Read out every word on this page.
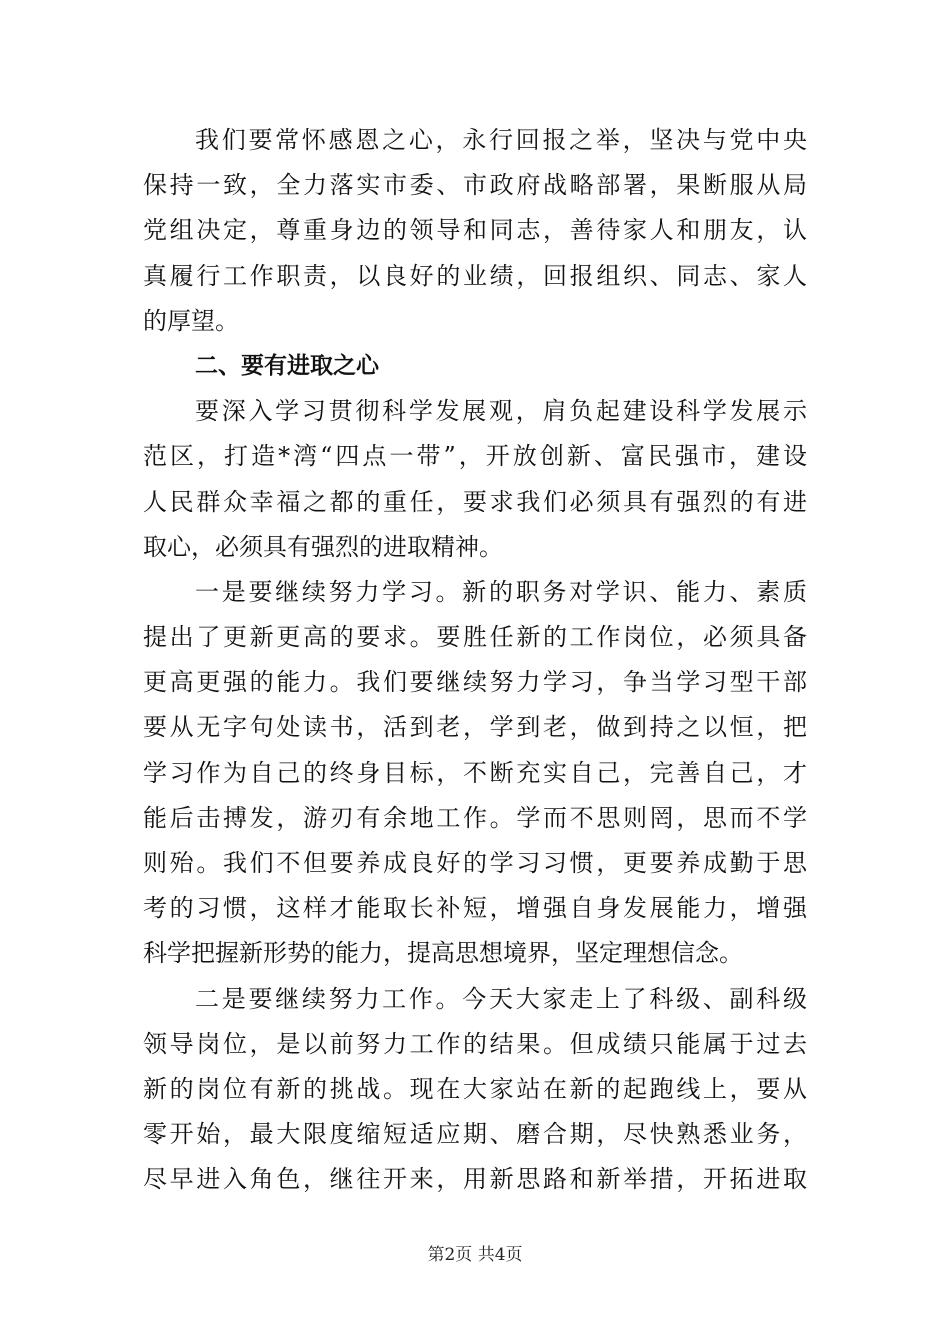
我们要常怀感恩之心，永行回报之举，坚决与党中央
保持一致，全力落实市委、市政府战略部署，果断服从局
党组决定，尊重身边的领导和同志，善待家人和朋友，认
真履行工作职责，以良好的业绩，回报组织、同志、家人
的厚望。
二、要有进取之心
要深入学习贯彻科学发展观，肩负起建设科学发展示
范区，打造*湾“四点一带”，开放创新、富民强市，建设
人民群众幸福之都的重任，要求我们必须具有强烈的有进
取心，必须具有强烈的进取精神。
一是要继续努力学习。新的职务对学识、能力、素质
提出了更新更高的要求。要胜任新的工作岗位，必须具备
更高更强的能力。我们要继续努力学习，争当学习型干部
要从无字句处读书，活到老，学到老，做到持之以恒，把
学习作为自己的终身目标，不断充实自己，完善自己，才
能后击搏发，游刃有余地工作。学而不思则罔，思而不学
则殆。我们不但要养成良好的学习习惯，更要养成勤于思
考的习惯，这样才能取长补短，增强自身发展能力，增强
科学把握新形势的能力，提高思想境界，坚定理想信念。
二是要继续努力工作。今天大家走上了科级、副科级
领导岗位，是以前努力工作的结果。但成绩只能属于过去
新的岗位有新的挑战。现在大家站在新的起跑线上，要从
零开始，最大限度缩短适应期、磨合期，尽快熟悉业务，
尽早进入角色，继往开来，用新思路和新举措，开拓进取
第2页 共4页
